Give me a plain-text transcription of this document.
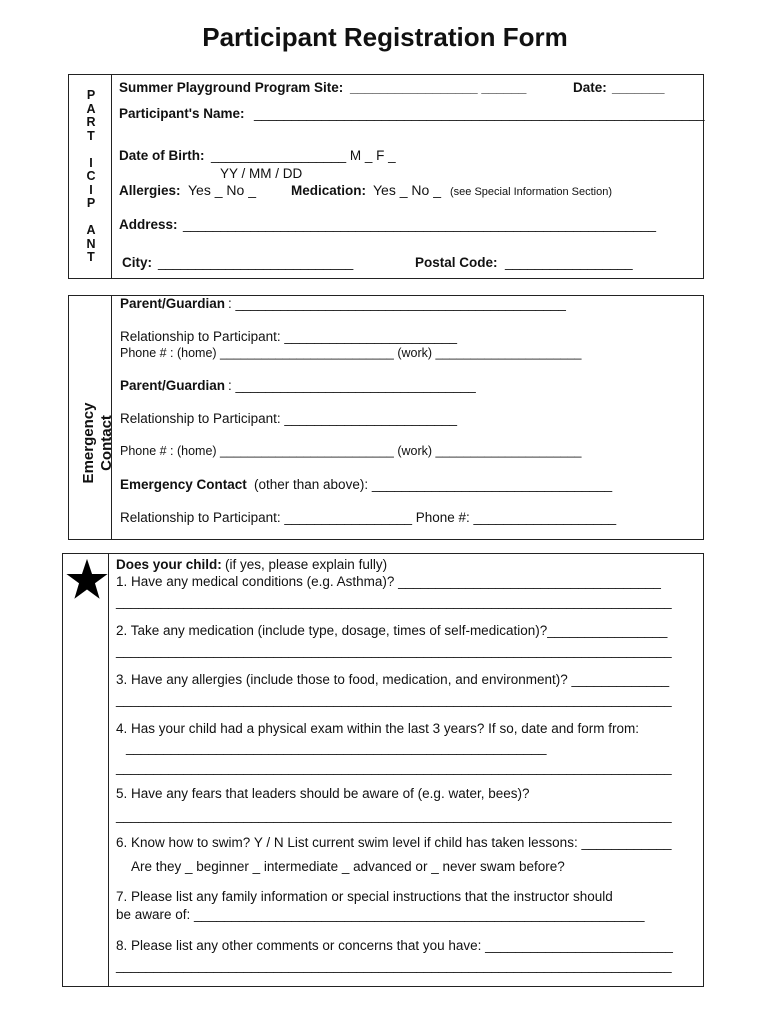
Participant Registration Form
P
A
R
T

I
C
I
P

A
N
T
Summer Playground Program Site: _________________ ______	Date: _______
Participant's Name: ____________________________________________________________
Date of Birth: __________________ M _ F _
YY / MM / DD
Allergies: Yes _ No _	Medication: Yes _ No _ (see Special Information Section)
Address: _______________________________________________________________
City: __________________________	Postal Code: _________________
Emergency Contact
Parent/Guardian : ____________________________________________
Relationship to Participant: _______________________
Phone # : (home) _________________________ (work) _____________________
Parent/Guardian : ________________________________
Relationship to Participant: _______________________
Phone # : (home) _________________________ (work) _____________________
Emergency Contact (other than above): ________________________________
Relationship to Participant: _________________ Phone #: ___________________
Does your child: (if yes, please explain fully)
1. Have any medical conditions (e.g. Asthma)? ___________________________________
__________________________________________________________________________
2. Take any medication (include type, dosage, times of self-medication)?________________
__________________________________________________________________________
3. Have any allergies (include those to food, medication, and environment)? _____________
__________________________________________________________________________
4. Has your child had a physical exam within the last 3 years? If so, date and form from:
________________________________________________________
__________________________________________________________________________
5. Have any fears that leaders should be aware of (e.g. water, bees)?
__________________________________________________________________________
6. Know how to swim? Y / N List current swim level if child has taken lessons: ____________
Are they _ beginner _ intermediate _ advanced or _ never swam before?
7. Please list any family information or special instructions that the instructor should
be aware of: ____________________________________________________________
8. Please list any other comments or concerns that you have: _________________________
__________________________________________________________________________
